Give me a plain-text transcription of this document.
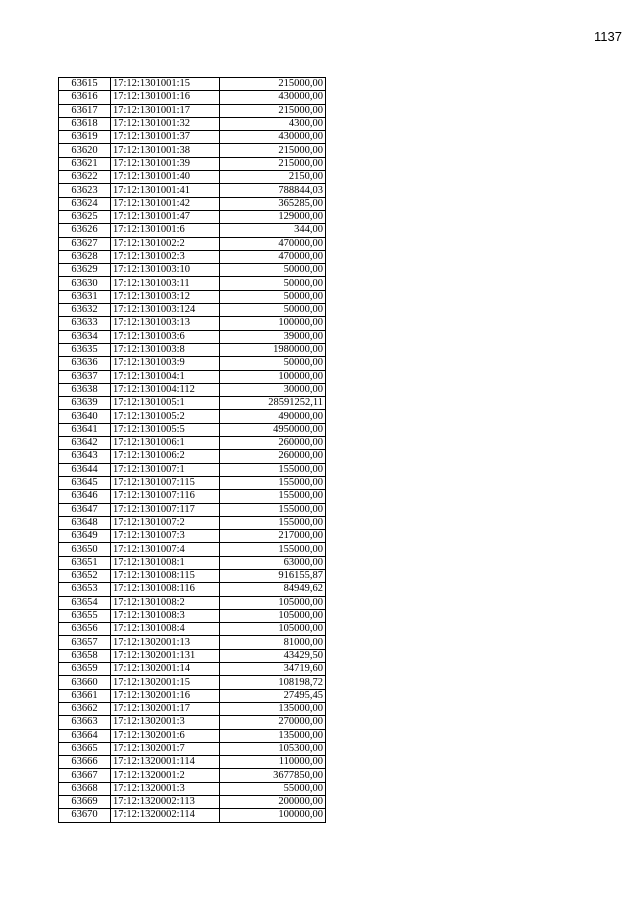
1137
63615	17:12:1301001:15	215000,00
63616	17:12:1301001:16	430000,00
63617	17:12:1301001:17	215000,00
63618	17:12:1301001:32	4300,00
63619	17:12:1301001:37	430000,00
63620	17:12:1301001:38	215000,00
63621	17:12:1301001:39	215000,00
63622	17:12:1301001:40	2150,00
63623	17:12:1301001:41	788844,03
63624	17:12:1301001:42	365285,00
63625	17:12:1301001:47	129000,00
63626	17:12:1301001:6	344,00
63627	17:12:1301002:2	470000,00
63628	17:12:1301002:3	470000,00
63629	17:12:1301003:10	50000,00
63630	17:12:1301003:11	50000,00
63631	17:12:1301003:12	50000,00
63632	17:12:1301003:124	50000,00
63633	17:12:1301003:13	100000,00
63634	17:12:1301003:6	39000,00
63635	17:12:1301003:8	1980000,00
63636	17:12:1301003:9	50000,00
63637	17:12:1301004:1	100000,00
63638	17:12:1301004:112	30000,00
63639	17:12:1301005:1	28591252,11
63640	17:12:1301005:2	490000,00
63641	17:12:1301005:5	4950000,00
63642	17:12:1301006:1	260000,00
63643	17:12:1301006:2	260000,00
63644	17:12:1301007:1	155000,00
63645	17:12:1301007:115	155000,00
63646	17:12:1301007:116	155000,00
63647	17:12:1301007:117	155000,00
63648	17:12:1301007:2	155000,00
63649	17:12:1301007:3	217000,00
63650	17:12:1301007:4	155000,00
63651	17:12:1301008:1	63000,00
63652	17:12:1301008:115	916155,87
63653	17:12:1301008:116	84949,62
63654	17:12:1301008:2	105000,00
63655	17:12:1301008:3	105000,00
63656	17:12:1301008:4	105000,00
63657	17:12:1302001:13	81000,00
63658	17:12:1302001:131	43429,50
63659	17:12:1302001:14	34719,60
63660	17:12:1302001:15	108198,72
63661	17:12:1302001:16	27495,45
63662	17:12:1302001:17	135000,00
63663	17:12:1302001:3	270000,00
63664	17:12:1302001:6	135000,00
63665	17:12:1302001:7	105300,00
63666	17:12:1320001:114	110000,00
63667	17:12:1320001:2	3677850,00
63668	17:12:1320001:3	55000,00
63669	17:12:1320002:113	200000,00
63670	17:12:1320002:114	100000,00
